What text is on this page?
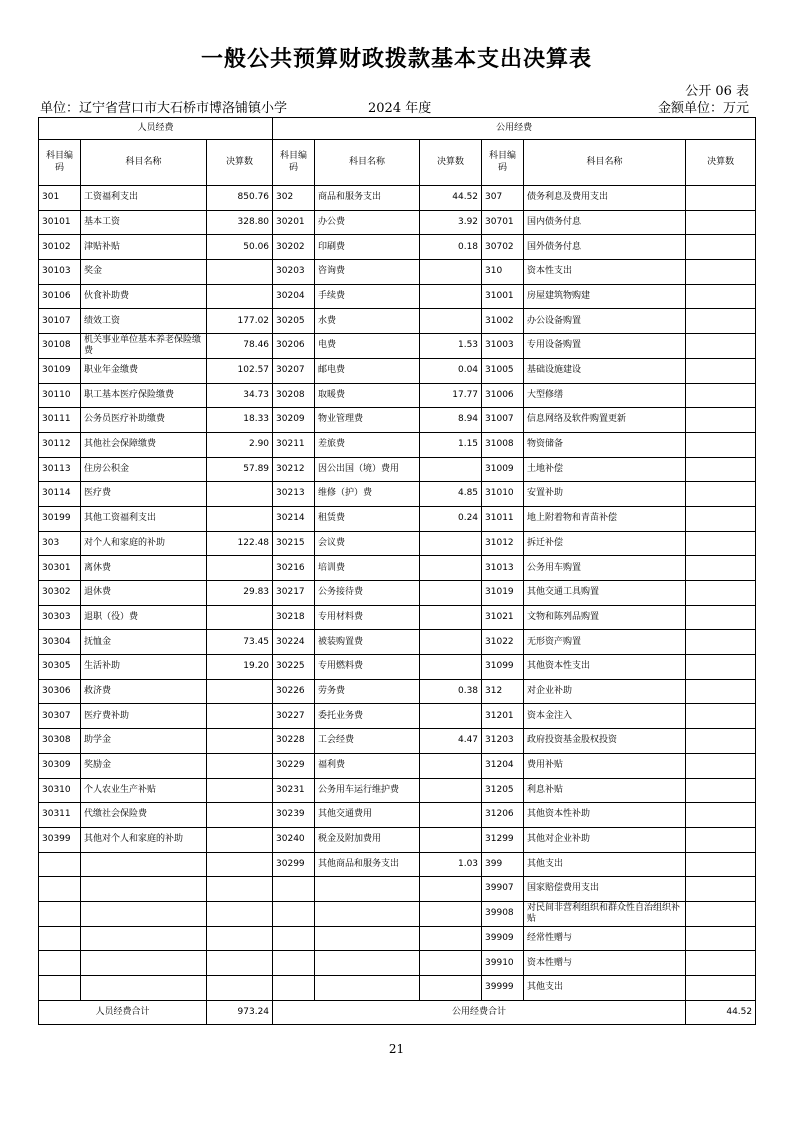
一般公共预算财政拨款基本支出决算表
公开 06 表
单位：辽宁省营口市大石桥市博洛铺镇小学	2024 年度	金额单位：万元
人员经费			公用经费					
科目编码	科目名称	决算数	科目编码	科目名称	决算数	科目编码	科目名称	决算数
301	工资福利支出	850.76	302	商品和服务支出	44.52	307	债务利息及费用支出	
30101	基本工资	328.80	30201	办公费	3.92	30701	国内债务付息	
30102	津贴补贴	50.06	30202	印刷费	0.18	30702	国外债务付息	
30103	奖金		30203	咨询费		310	资本性支出	
30106	伙食补助费		30204	手续费		31001	房屋建筑物购建	
30107	绩效工资	177.02	30205	水费		31002	办公设备购置	
30108	机关事业单位基本养老保险缴费	78.46	30206	电费	1.53	31003	专用设备购置	
30109	职业年金缴费	102.57	30207	邮电费	0.04	31005	基础设施建设	
30110	职工基本医疗保险缴费	34.73	30208	取暖费	17.77	31006	大型修缮	
30111	公务员医疗补助缴费	18.33	30209	物业管理费	8.94	31007	信息网络及软件购置更新	
30112	其他社会保障缴费	2.90	30211	差旅费	1.15	31008	物资储备	
30113	住房公积金	57.89	30212	因公出国（境）费用		31009	土地补偿	
30114	医疗费		30213	维修（护）费	4.85	31010	安置补助	
30199	其他工资福利支出		30214	租赁费	0.24	31011	地上附着物和青苗补偿	
303	对个人和家庭的补助	122.48	30215	会议费		31012	拆迁补偿	
30301	离休费		30216	培训费		31013	公务用车购置	
30302	退休费	29.83	30217	公务接待费		31019	其他交通工具购置	
30303	退职（役）费		30218	专用材料费		31021	文物和陈列品购置	
30304	抚恤金	73.45	30224	被装购置费		31022	无形资产购置	
30305	生活补助	19.20	30225	专用燃料费		31099	其他资本性支出	
30306	救济费		30226	劳务费	0.38	312	对企业补助	
30307	医疗费补助		30227	委托业务费		31201	资本金注入	
30308	助学金		30228	工会经费	4.47	31203	政府投资基金股权投资	
30309	奖励金		30229	福利费		31204	费用补贴	
30310	个人农业生产补贴		30231	公务用车运行维护费		31205	利息补贴	
30311	代缴社会保险费		30239	其他交通费用		31206	其他资本性补助	
30399	其他对个人和家庭的补助		30240	税金及附加费用		31299	其他对企业补助	
			30299	其他商品和服务支出	1.03	399	其他支出	
						39907	国家赔偿费用支出	
						39908	对民间非营利组织和群众性自治组织补贴	
						39909	经常性赠与	
						39910	资本性赠与	
						39999	其他支出	
人员经费合计		973.24	公用经费合计					44.52
21
